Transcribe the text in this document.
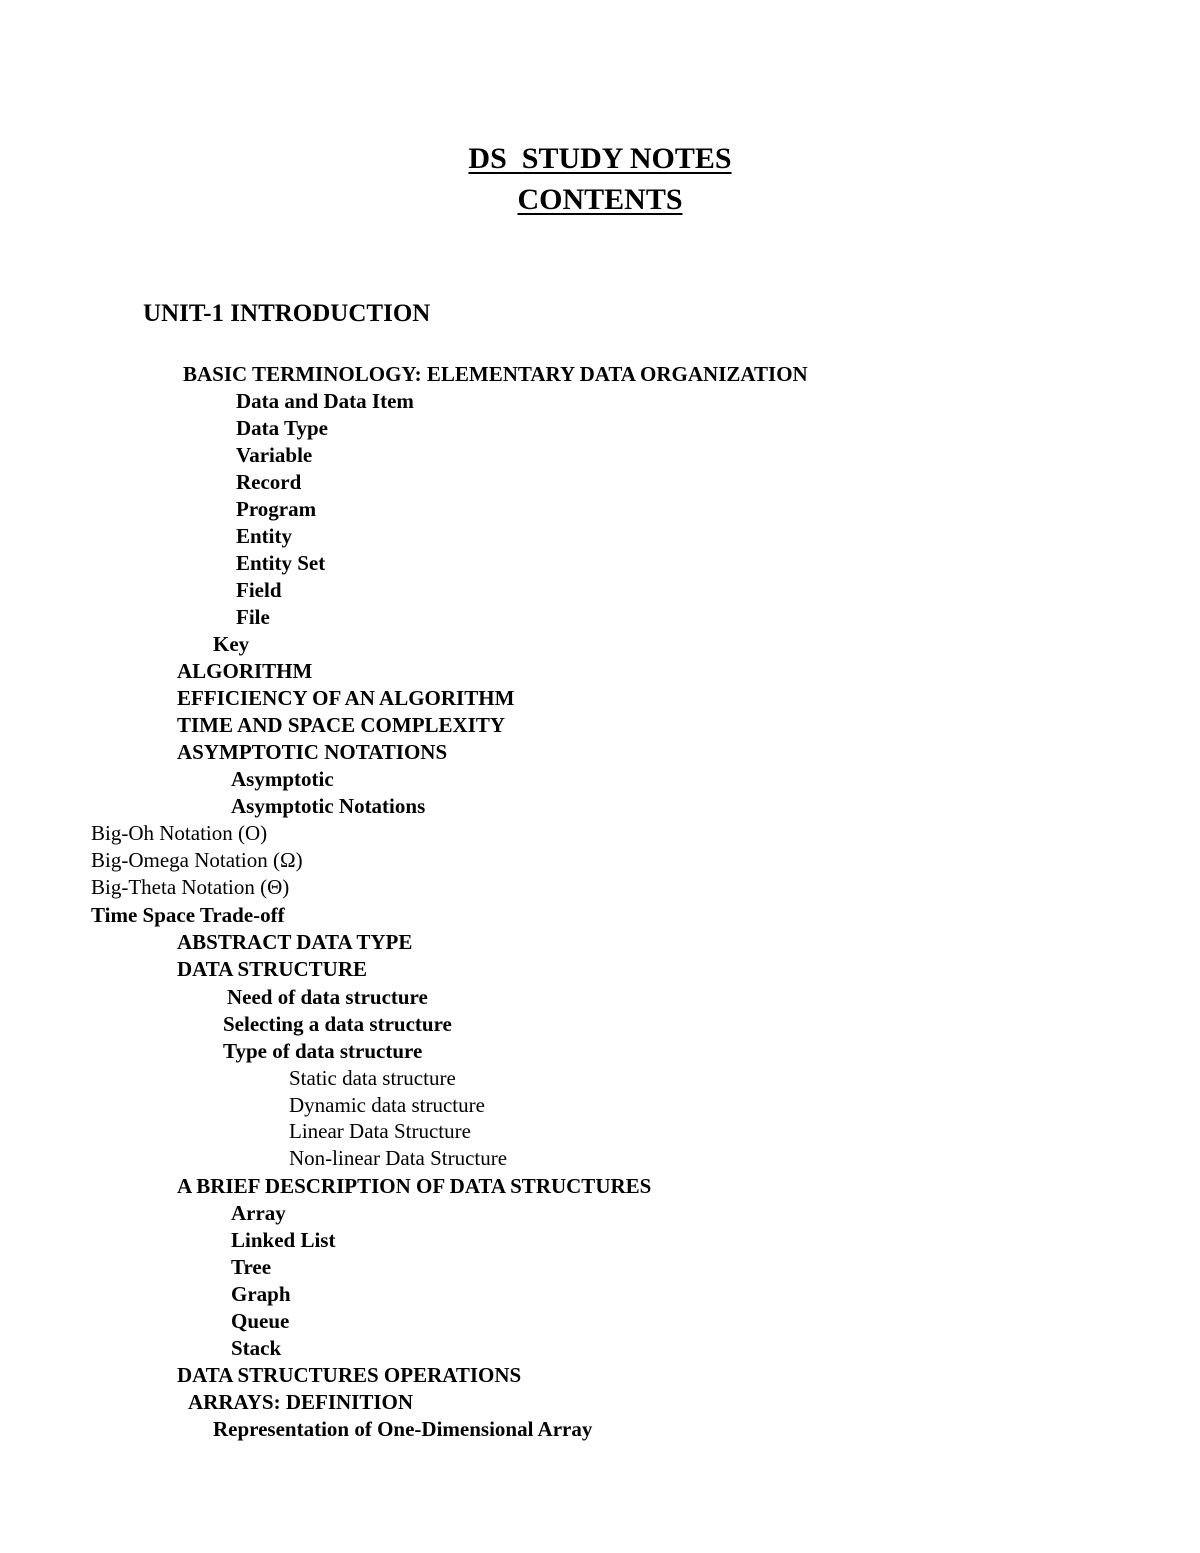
DS  STUDY NOTES
CONTENTS
UNIT-1 INTRODUCTION
BASIC TERMINOLOGY: ELEMENTARY DATA ORGANIZATION
Data and Data Item
Data Type
Variable
Record
Program
Entity
Entity Set
Field
File
Key
ALGORITHM
EFFICIENCY OF AN ALGORITHM
TIME AND SPACE COMPLEXITY
ASYMPTOTIC NOTATIONS
Asymptotic
Asymptotic Notations
Big-Oh Notation (O)
Big-Omega Notation (Ω)
Big-Theta Notation (Θ)
Time Space Trade-off
ABSTRACT DATA TYPE
DATA STRUCTURE
Need of data structure
Selecting a data structure
Type of data structure
Static data structure
Dynamic data structure
Linear Data Structure
Non-linear Data Structure
A BRIEF DESCRIPTION OF DATA STRUCTURES
Array
Linked List
Tree
Graph
Queue
Stack
DATA STRUCTURES OPERATIONS
ARRAYS: DEFINITION
Representation of One-Dimensional Array
